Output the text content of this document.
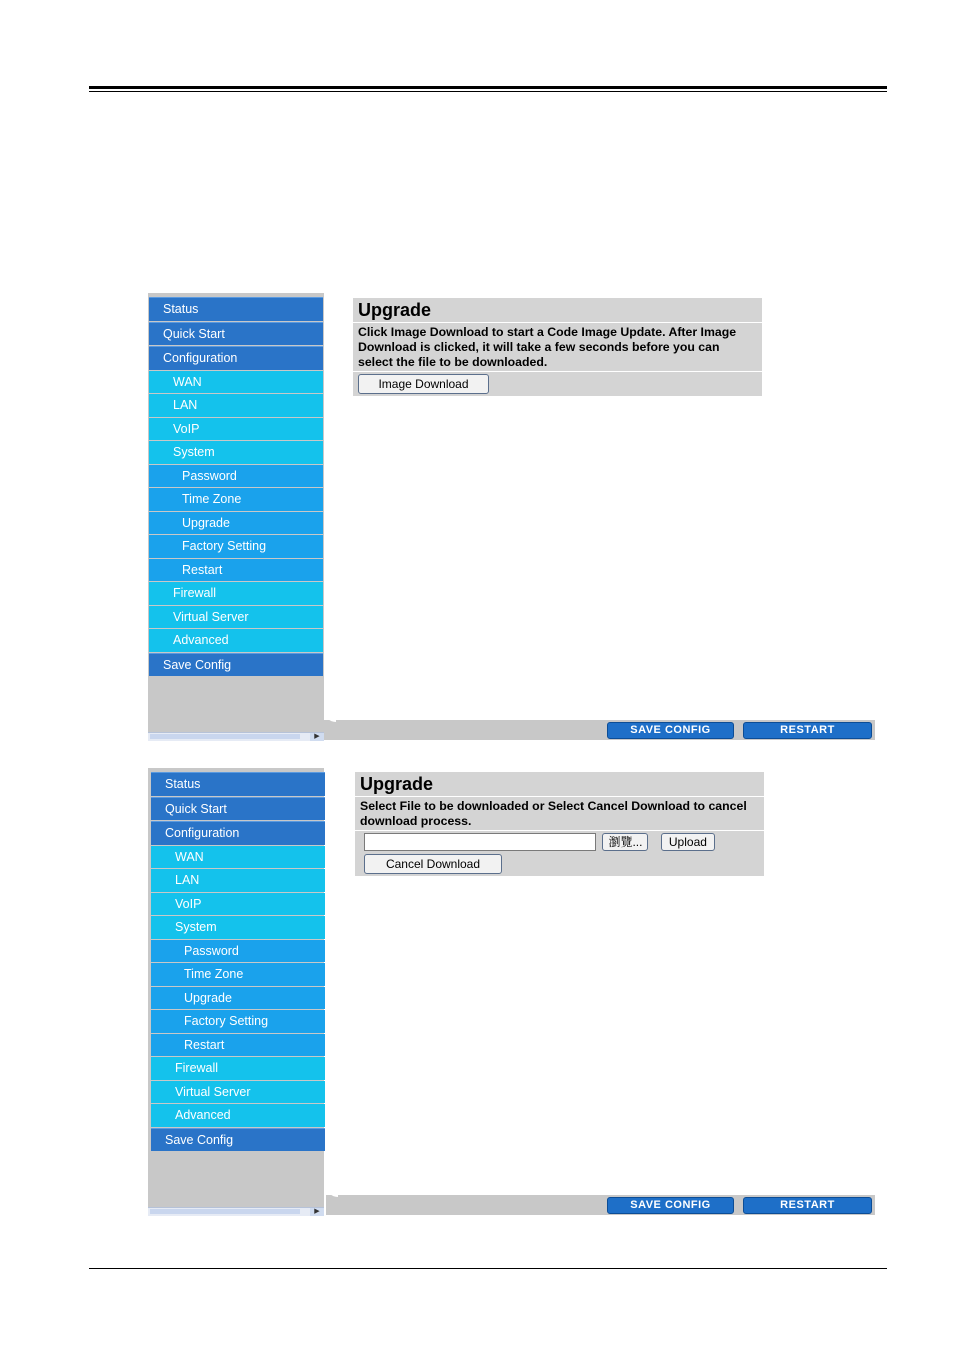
Status
Quick Start
Configuration
WAN
LAN
VoIP
System
Password
Time Zone
Upgrade
Factory Setting
Restart
Firewall
Virtual Server
Advanced
Save Config
▶
Upgrade
Click Image Download to start a Code Image Update. After Image Download is clicked, it will take a few seconds before you can select the file to be downloaded.
Image Download
SAVE CONFIG	RESTART
Status
Quick Start
Configuration
WAN
LAN
VoIP
System
Password
Time Zone
Upgrade
Factory Setting
Restart
Firewall
Virtual Server
Advanced
Save Config
▶
Upgrade
Select File to be downloaded or Select Cancel Download to cancel download process.
瀏覽... Upload
Cancel Download
SAVE CONFIG	RESTART
